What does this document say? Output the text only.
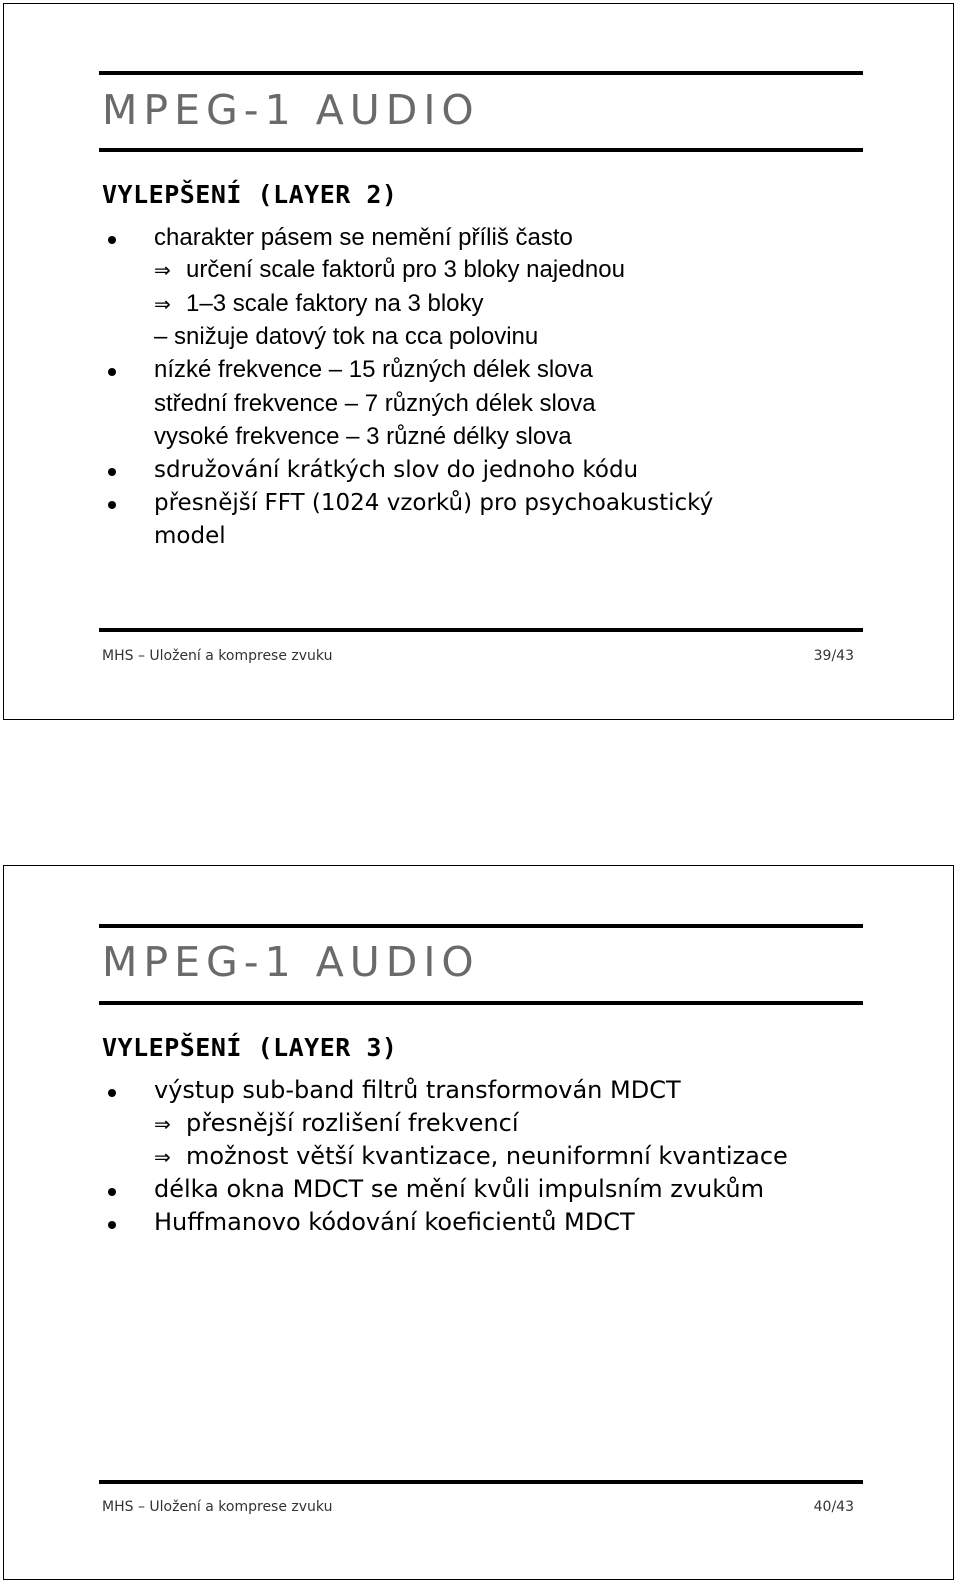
MPEG-1 AUDIO
VYLEPŠENÍ (LAYER 2)
charakter pásem se nemění příliš často
⇒ určení scale faktorů pro 3 bloky najednou
⇒ 1–3 scale faktory na 3 bloky
– snižuje datový tok na cca polovinu
nízké frekvence – 15 různých délek slova
střední frekvence – 7 různých délek slova
vysoké frekvence – 3 různé délky slova
sdružování krátkých slov do jednoho kódu
přesnější FFT (1024 vzorků) pro psychoakustický
model
MHS – Uložení a komprese zvuku	39/43
MPEG-1 AUDIO
VYLEPŠENÍ (LAYER 3)
výstup sub-band filtrů transformován MDCT
⇒ přesnější rozlišení frekvencí
⇒ možnost větší kvantizace, neuniformní kvantizace
délka okna MDCT se mění kvůli impulsním zvukům
Huffmanovo kódování koeficientů MDCT
MHS – Uložení a komprese zvuku	40/43
